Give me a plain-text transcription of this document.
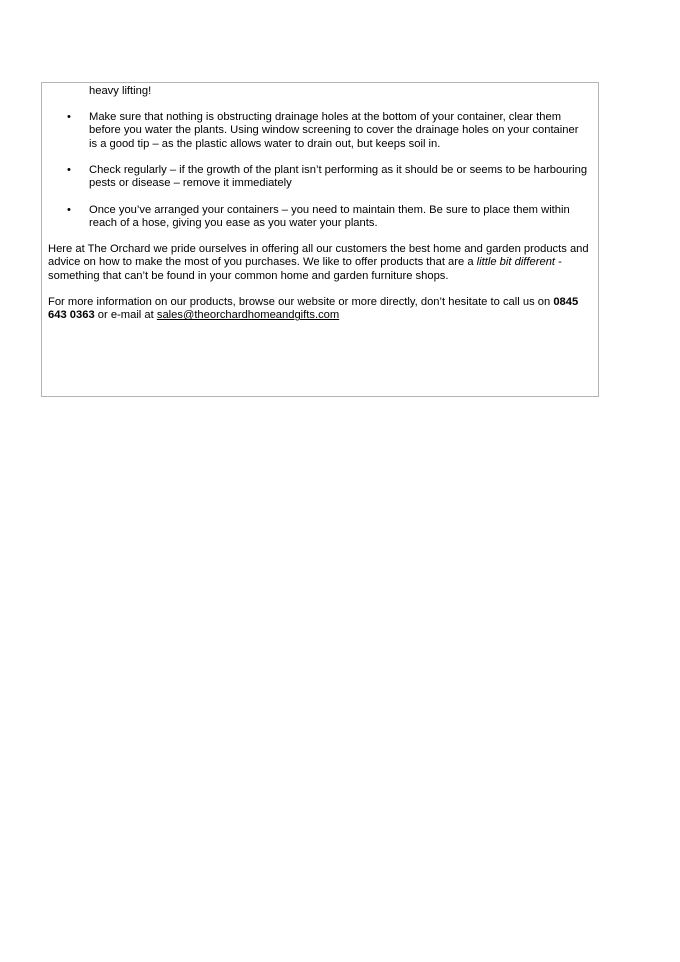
heavy lifting!

• Make sure that nothing is obstructing drainage holes at the bottom of your container, clear them before you water the plants. Using window screening to cover the drainage holes on your container is a good tip – as the plastic allows water to drain out, but keeps soil in.

• Check regularly – if the growth of the plant isn’t performing as it should be or seems to be harbouring pests or disease – remove it immediately

• Once you’ve arranged your containers – you need to maintain them. Be sure to place them within reach of a hose, giving you ease as you water your plants.

Here at The Orchard we pride ourselves in offering all our customers the best home and garden products and advice on how to make the most of you purchases. We like to offer products that are a little bit different - something that can’t be found in your common home and garden furniture shops.

For more information on our products, browse our website or more directly, don’t hesitate to call us on 0845 643 0363 or e-mail at sales@theorchardhomeandgifts.com
